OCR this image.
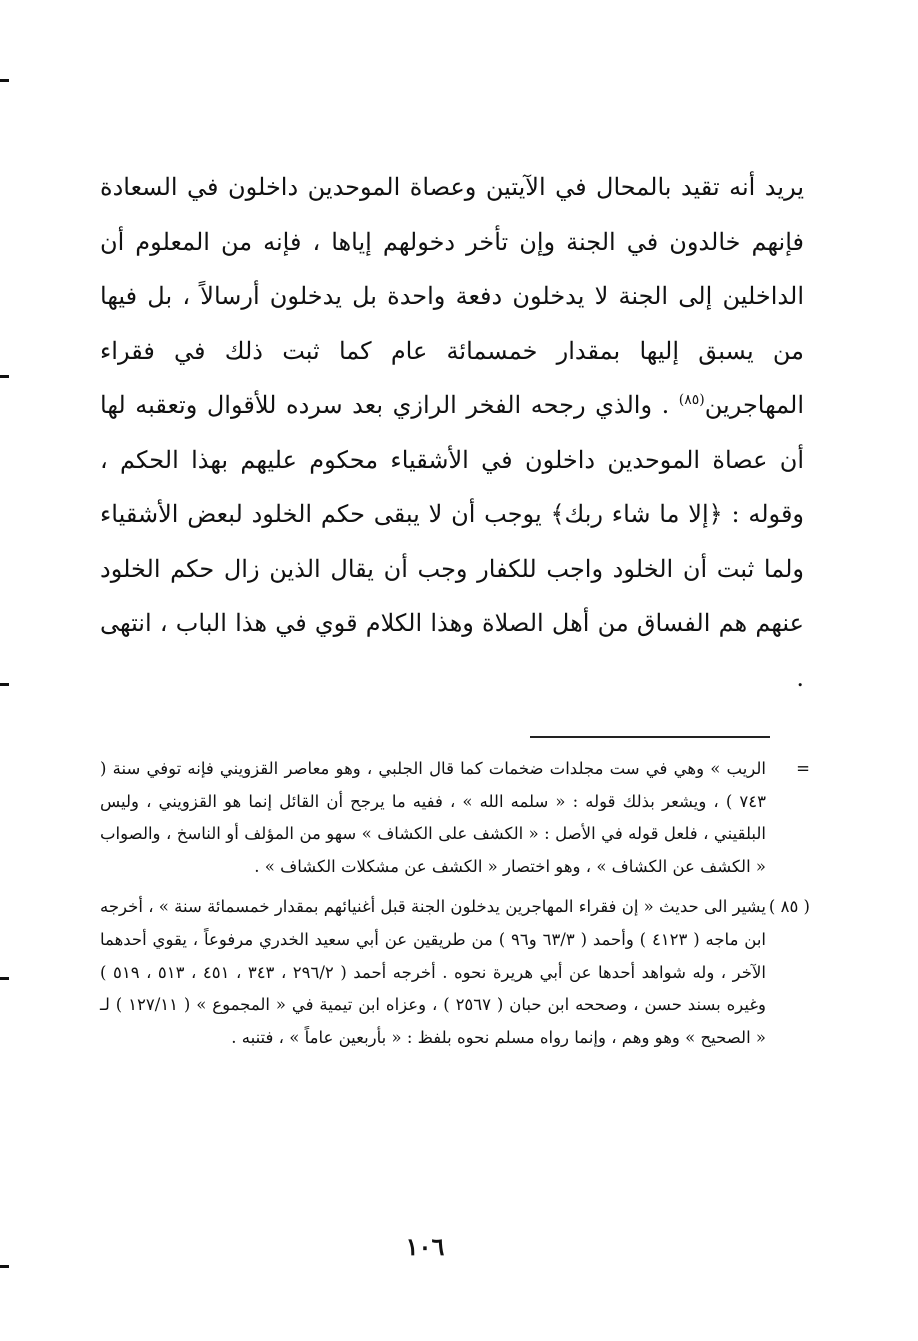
يريد أنه تقيد بالمحال في الآيتين وعصاة الموحدين داخلون في السعادة فإنهم خالدون في الجنة وإن تأخر دخولهم إياها ، فإنه من المعلوم أن الداخلين إلى الجنة لا يدخلون دفعة واحدة بل يدخلون أرسالاً ، بل فيها من يسبق إليها بمقدار خمسمائة عام كما ثبت ذلك في فقراء المهاجرين$^{(٨٥)}$ . والذي رجحه الفخر الرازي بعد سرده للأقوال وتعقبه لها أن عصاة الموحدين داخلون في الأشقياء محكوم عليهم بهذا الحكم ، وقوله : ﴿إلا ما شاء ربك﴾ يوجب أن لا يبقى حكم الخلود لبعض الأشقياء ولما ثبت أن الخلود واجب للكفار وجب أن يقال الذين زال حكم الخلود عنهم هم الفساق من أهل الصلاة وهذا الكلام قوي في هذا الباب ، انتهى .

=
الريب » وهي في ست مجلدات ضخمات كما قال الجلبي ، وهو معاصر القزويني فإنه توفي سنة ( ٧٤٣ ) ، ويشعر بذلك قوله : « سلمه الله » ، ففيه ما يرجح أن القائل إنما هو القزويني ، وليس البلقيني ، فلعل قوله في الأصل : « الكشف على الكشاف » سهو من المؤلف أو الناسخ ، والصواب « الكشف عن الكشاف » ، وهو اختصار « الكشف عن مشكلات الكشاف » .
( ٨٥ )
يشير الى حديث « إن فقراء المهاجرين يدخلون الجنة قبل أغنيائهم بمقدار خمسمائة سنة » ، أخرجه ابن ماجه ( ٤١٢٣ ) وأحمد ( ٦٣/٣ و٩٦ ) من طريقين عن أبي سعيد الخدري مرفوعاً ، يقوي أحدهما الآخر ، وله شواهد أحدها عن أبي هريرة نحوه . أخرجه أحمد ( ٢٩٦/٢ ، ٣٤٣ ، ٤٥١ ، ٥١٣ ، ٥١٩ ) وغيره بسند حسن ، وصححه ابن حبان ( ٢٥٦٧ ) ، وعزاه ابن تيمية في « المجموع » ( ١٢٧/١١ ) لـ « الصحيح » وهو وهم ، وإنما رواه مسلم نحوه بلفظ : « بأربعين عاماً » ، فتنبه .
١٠٦
